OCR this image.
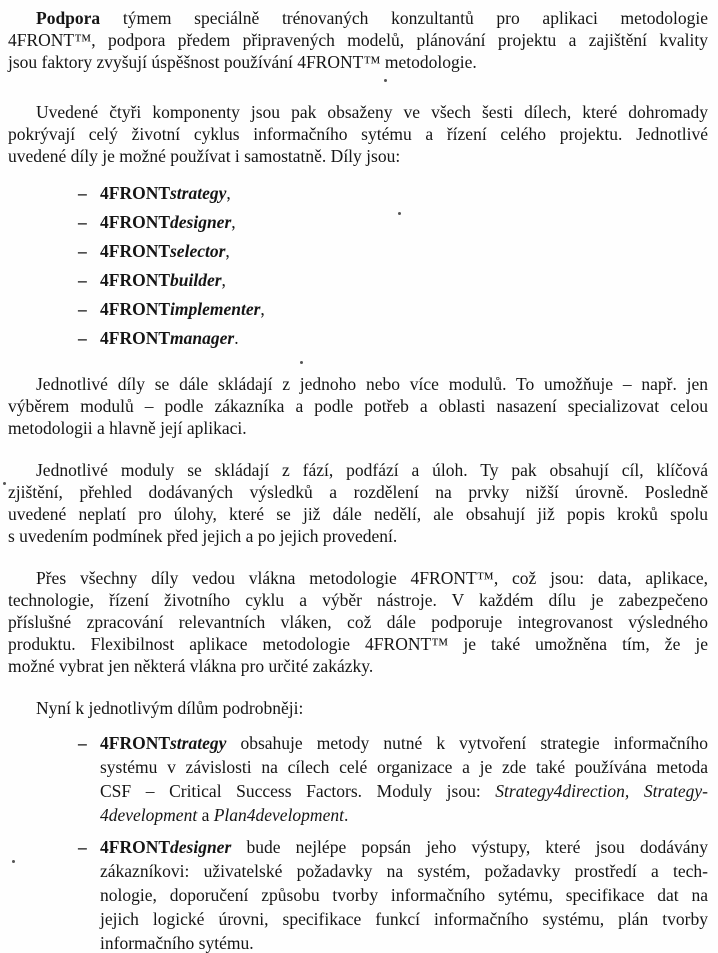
Podpora týmem speciálně trénovaných konzultantů pro aplikaci metodologie
4FRONT™, podpora předem připravených modelů, plánování projektu a zajištění kvality
jsou faktory zvyšují úspěšnost používání 4FRONT™ metodologie.
Uvedené čtyři komponenty jsou pak obsaženy ve všech šesti dílech, které dohromady
pokrývají celý životní cyklus informačního sytému a řízení celého projektu. Jednotlivé
uvedené díly je možné používat i samostatně. Díly jsou:
– 4FRONTstrategy,
– 4FRONTdesigner,
– 4FRONTselector,
– 4FRONTbuilder,
– 4FRONTimplementer,
– 4FRONTmanager.
Jednotlivé díly se dále skládají z jednoho nebo více modulů. To umožňuje – např. jen
výběrem modulů – podle zákazníka a podle potřeb a oblasti nasazení specializovat celou
metodologii a hlavně její aplikaci.
Jednotlivé moduly se skládají z fází, podfází a úloh. Ty pak obsahují cíl, klíčová
zjištění, přehled dodávaných výsledků a rozdělení na prvky nižší úrovně. Posledně
uvedené neplatí pro úlohy, které se již dále nedělí, ale obsahují již popis kroků spolu
s uvedením podmínek před jejich a po jejich provedení.
Přes všechny díly vedou vlákna metodologie 4FRONT™, což jsou: data, aplikace,
technologie, řízení životního cyklu a výběr nástroje. V každém dílu je zabezpečeno
příslušné zpracování relevantních vláken, což dále podporuje integrovanost výsledného
produktu. Flexibilnost aplikace metodologie 4FRONT™ je také umožněna tím, že je
možné vybrat jen některá vlákna pro určité zakázky.
Nyní k jednotlivým dílům podrobněji:
– 4FRONTstrategy obsahuje metody nutné k vytvoření strategie informačního
systému v závislosti na cílech celé organizace a je zde také používána metoda
CSF – Critical Success Factors. Moduly jsou: Strategy4direction, Strategy-
4development a Plan4development.
– 4FRONTdesigner bude nejlépe popsán jeho výstupy, které jsou dodávány
zákazníkovi: uživatelské požadavky na systém, požadavky prostředí a tech-
nologie, doporučení způsobu tvorby informačního sytému, specifikace dat na
jejich logické úrovni, specifikace funkcí informačního systému, plán tvorby
informačního sytému.
